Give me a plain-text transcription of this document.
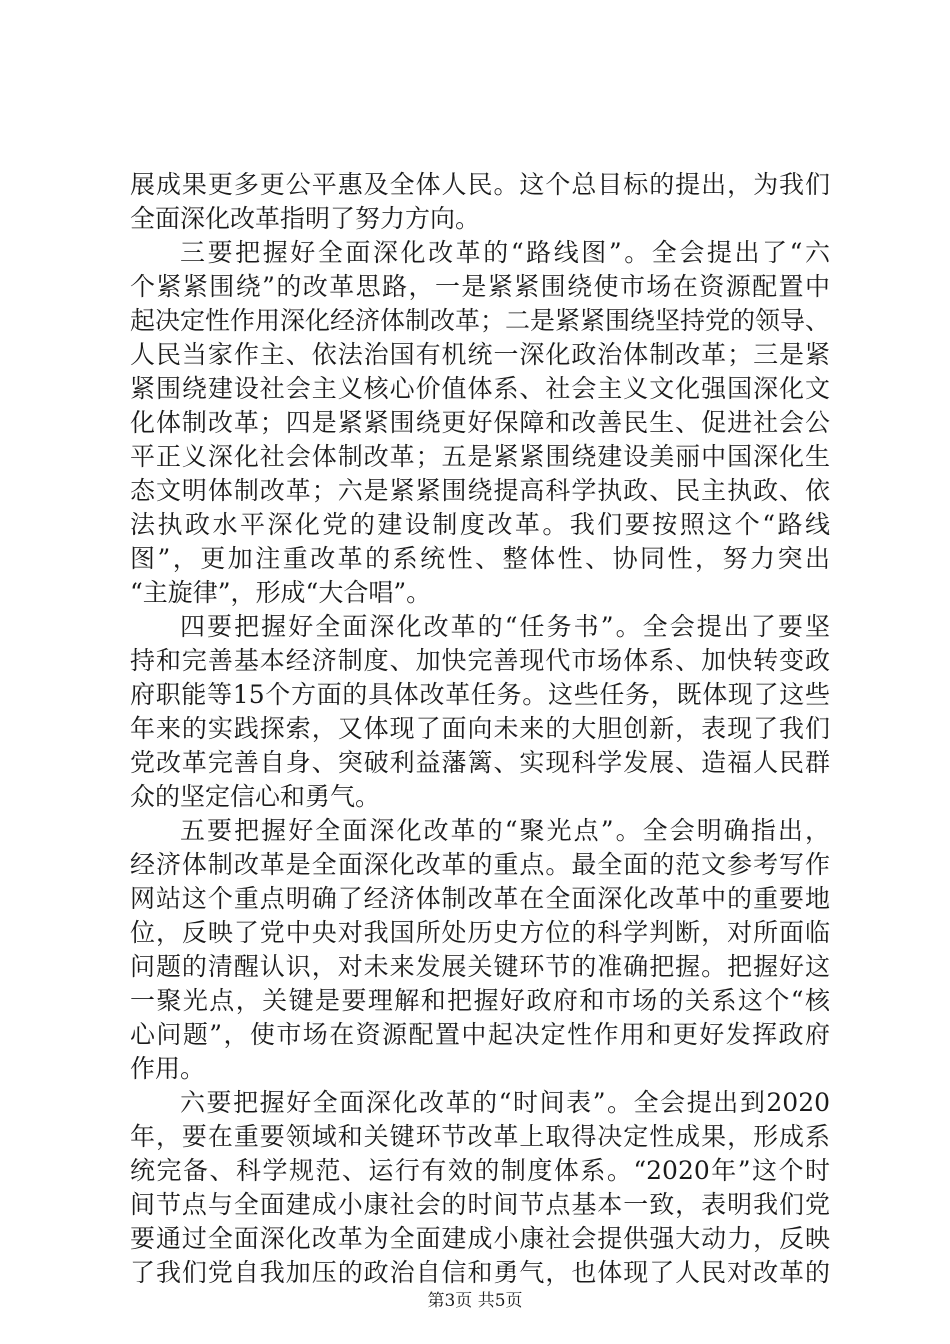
展成果更多更公平惠及全体人民。这个总目标的提出，为我们
全面深化改革指明了努力方向。
三要把握好全面深化改革的“路线图”。全会提出了“六
个紧紧围绕”的改革思路，一是紧紧围绕使市场在资源配置中
起决定性作用深化经济体制改革；二是紧紧围绕坚持党的领导、
人民当家作主、依法治国有机统一深化政治体制改革；三是紧
紧围绕建设社会主义核心价值体系、社会主义文化强国深化文
化体制改革；四是紧紧围绕更好保障和改善民生、促进社会公
平正义深化社会体制改革；五是紧紧围绕建设美丽中国深化生
态文明体制改革；六是紧紧围绕提高科学执政、民主执政、依
法执政水平深化党的建设制度改革。我们要按照这个“路线
图”，更加注重改革的系统性、整体性、协同性，努力突出
“主旋律”，形成“大合唱”。
四要把握好全面深化改革的“任务书”。全会提出了要坚
持和完善基本经济制度、加快完善现代市场体系、加快转变政
府职能等15个方面的具体改革任务。这些任务，既体现了这些
年来的实践探索，又体现了面向未来的大胆创新，表现了我们
党改革完善自身、突破利益藩篱、实现科学发展、造福人民群
众的坚定信心和勇气。
五要把握好全面深化改革的“聚光点”。全会明确指出，
经济体制改革是全面深化改革的重点。最全面的范文参考写作
网站这个重点明确了经济体制改革在全面深化改革中的重要地
位，反映了党中央对我国所处历史方位的科学判断，对所面临
问题的清醒认识，对未来发展关键环节的准确把握。把握好这
一聚光点，关键是要理解和把握好政府和市场的关系这个“核
心问题”，使市场在资源配置中起决定性作用和更好发挥政府
作用。
六要把握好全面深化改革的“时间表”。全会提出到2020
年，要在重要领域和关键环节改革上取得决定性成果，形成系
统完备、科学规范、运行有效的制度体系。“2020年”这个时
间节点与全面建成小康社会的时间节点基本一致，表明我们党
要通过全面深化改革为全面建成小康社会提供强大动力，反映
了我们党自我加压的政治自信和勇气，也体现了人民对改革的
第3页 共5页
